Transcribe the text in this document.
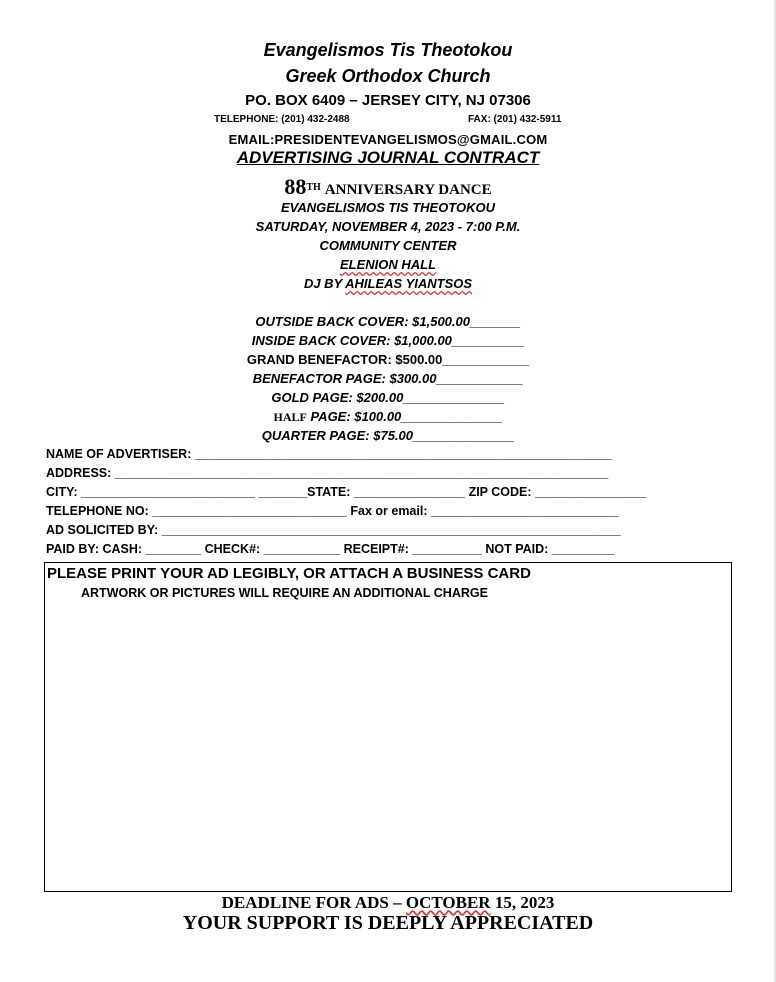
Evangelismos Tis Theotokou
Greek Orthodox Church
PO. BOX 6409 – JERSEY CITY, NJ 07306
TELEPHONE: (201) 432-2488	FAX: (201) 432-5911
EMAIL:PRESIDENTEVANGELISMOS@GMAIL.COM
ADVERTISING JOURNAL CONTRACT
88TH ANNIVERSARY DANCE
EVANGELISMOS TIS THEOTOKOU
SATURDAY, NOVEMBER 4, 2023 - 7:00 P.M.
COMMUNITY CENTER
ELENION HALL
DJ BY AHILEAS YIANTSOS
OUTSIDE BACK COVER: $1,500.00_______
INSIDE BACK COVER: $1,000.00__________
GRAND BENEFACTOR: $500.00____________
BENEFACTOR PAGE: $300.00____________
GOLD PAGE: $200.00______________
HALF PAGE: $100.00______________
QUARTER PAGE: $75.00______________
NAME OF ADVERTISER: ____________________________________________________________
ADDRESS: _______________________________________________________________________
CITY: _________________________ _______STATE: ________________ ZIP CODE: ________________
TELEPHONE NO: ____________________________ Fax or email: ___________________________
AD SOLICITED BY: __________________________________________________________________
PAID BY: CASH: ________ CHECK#: ___________ RECEIPT#: __________ NOT PAID: _________
PLEASE PRINT YOUR AD LEGIBLY, OR ATTACH A BUSINESS CARD
ARTWORK OR PICTURES WILL REQUIRE AN ADDITIONAL CHARGE
DEADLINE FOR ADS – OCTOBER 15, 2023
YOUR SUPPORT IS DEEPLY APPRECIATED
